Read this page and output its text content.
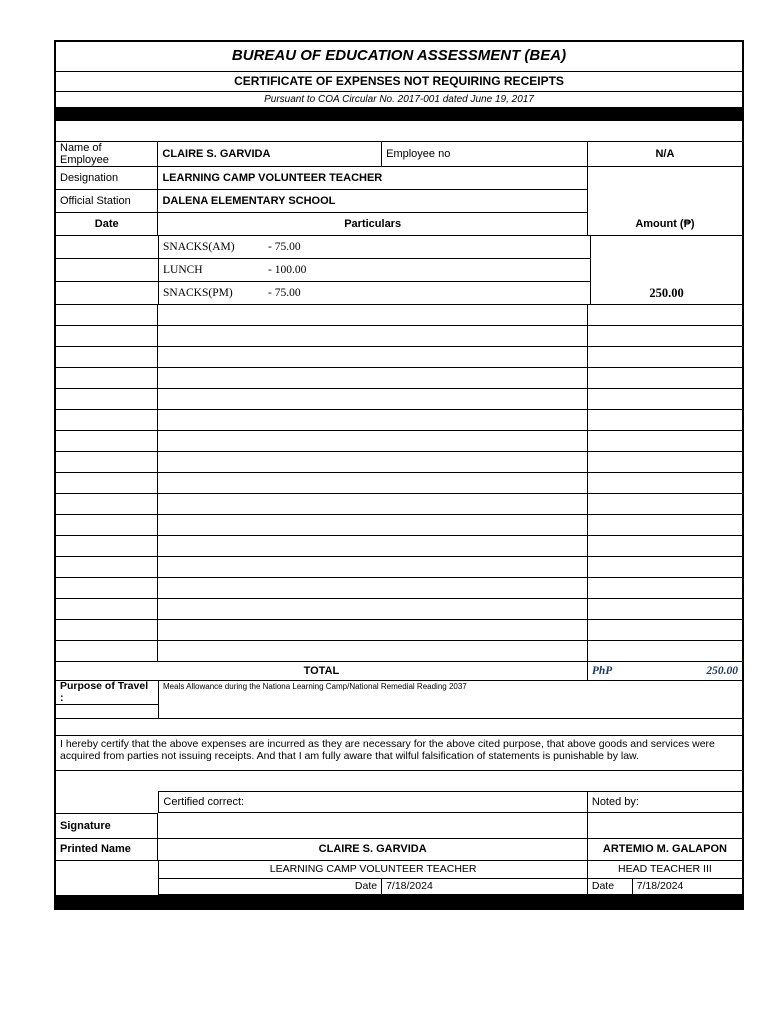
BUREAU OF EDUCATION ASSESSMENT (BEA)
CERTIFICATE OF EXPENSES NOT REQUIRING RECEIPTS
Pursuant to COA Circular No. 2017-001 dated June 19, 2017
Name of Employee
CLAIRE S. GARVIDA	Employee no	N/A
Designation	LEARNING CAMP VOLUNTEER TEACHER
Official Station	DALENA ELEMENTARY SCHOOL
Date	Particulars	Amount (₱)
SNACKS(AM)	- 75.00
LUNCH	- 100.00
SNACKS(PM)	- 75.00	250.00
TOTAL	PhP	250.00
Purpose of Travel :
Meals Allowance during the Nationa Learning Camp/National Remedial Reading 2037
I hereby certify that the above expenses are incurred as they are necessary for the above cited purpose, that above goods and services were acquired from parties not issuing receipts. And that I am fully aware that wilful falsification of statements is punishable by law.
Certified correct:	Noted by:
Signature
Printed Name	CLAIRE S. GARVIDA	ARTEMIO M. GALAPON
LEARNING CAMP VOLUNTEER TEACHER	HEAD TEACHER III
Date 7/18/2024	Date	7/18/2024
